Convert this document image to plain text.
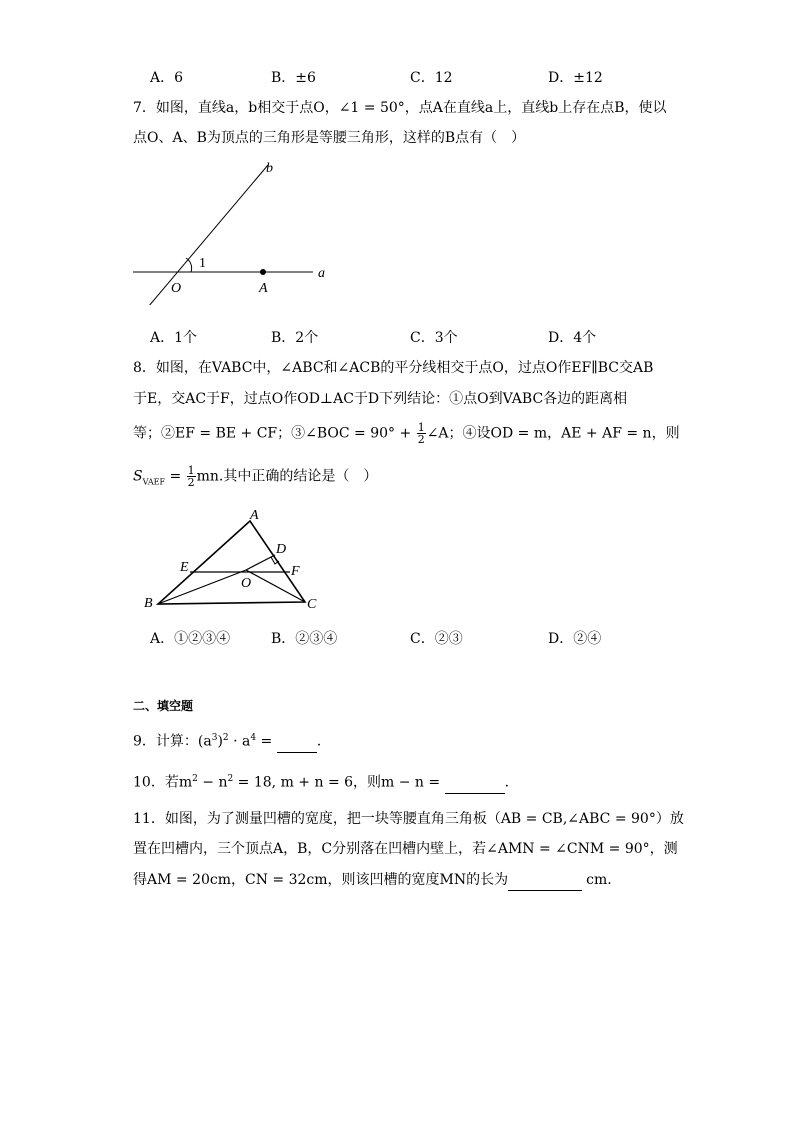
A．6	B．±6	C．12	D．±12
7．如图，直线a，b相交于点O，∠1 = 50°，点A在直线a上，直线b上存在点B，使以
点O、A、B为顶点的三角形是等腰三角形，这样的B点有（　）
b
1
O	A
a
A．1个	B．2个	C．3个	D．4个
8．如图，在VABC中，∠ABC和∠ACB的平分线相交于点O，过点O作EF∥BC交AB
于E，交AC于F，过点O作OD⊥AC于D下列结论：①点O到VABC各边的距离相
等；②EF = BE + CF；③∠BOC = $90^\circ + \frac{1}{2}$ ∠A；④设OD = m，AE + AF = n，则
$S_{VAEF} = \frac{1}{2}$ mn.其中正确的结论是（　）
A
D
E	F
O
B	C
A．①②③④	B．②③④	C．②③	D．②④
二、填空题
9．计算：$(a^3)^2 \cdot a^4$ =	.
10．若$m^2 - n^2 = 18$, m + n = 6，则m − n =	.
11．如图，为了测量凹槽的宽度，把一块等腰直角三角板（AB = CB,∠ABC = 90°）放
置在凹槽内，三个顶点A，B，C分别落在凹槽内壁上，若∠AMN = ∠CNM = 90°，测
得AM = 20cm，CN = 32cm，则该凹槽的宽度MN的长为	cm.
